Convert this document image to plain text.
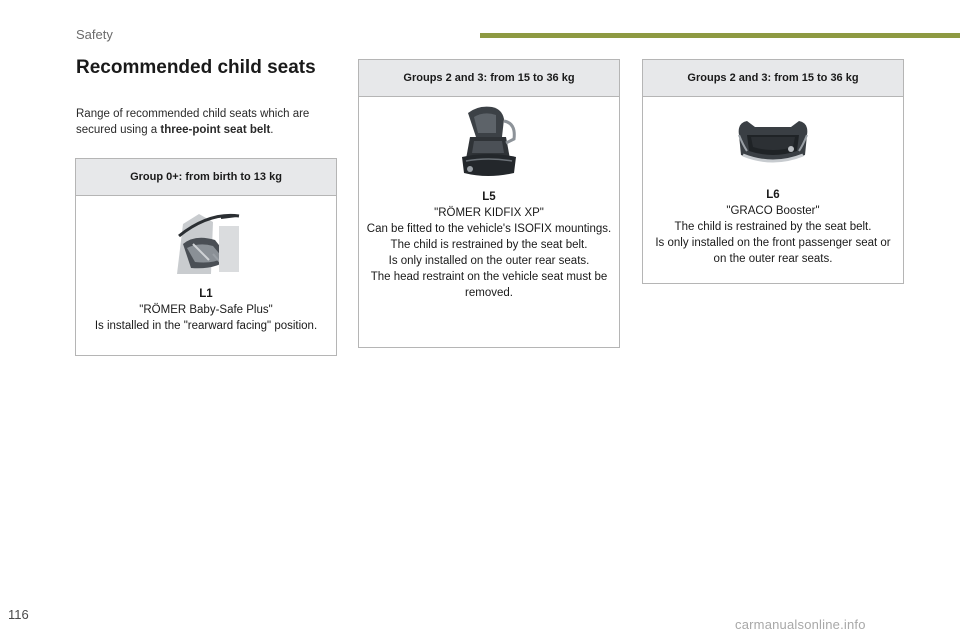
Safety
Recommended child seats

Range of recommended child seats which are secured using a three-point seat belt.

Group 0+: from birth to 13 kg
L1
"RÖMER Baby-Safe Plus"
Is installed in the "rearward facing" position.
Groups 2 and 3: from 15 to 36 kg
L5
"RÖMER KIDFIX XP"
Can be fitted to the vehicle's ISOFIX mountings.
The child is restrained by the seat belt.
Is only installed on the outer rear seats.
The head restraint on the vehicle seat must be removed.
Groups 2 and 3: from 15 to 36 kg
L6
"GRACO Booster"
The child is restrained by the seat belt.
Is only installed on the front passenger seat or on the outer rear seats.
116
carmanualsonline.info
